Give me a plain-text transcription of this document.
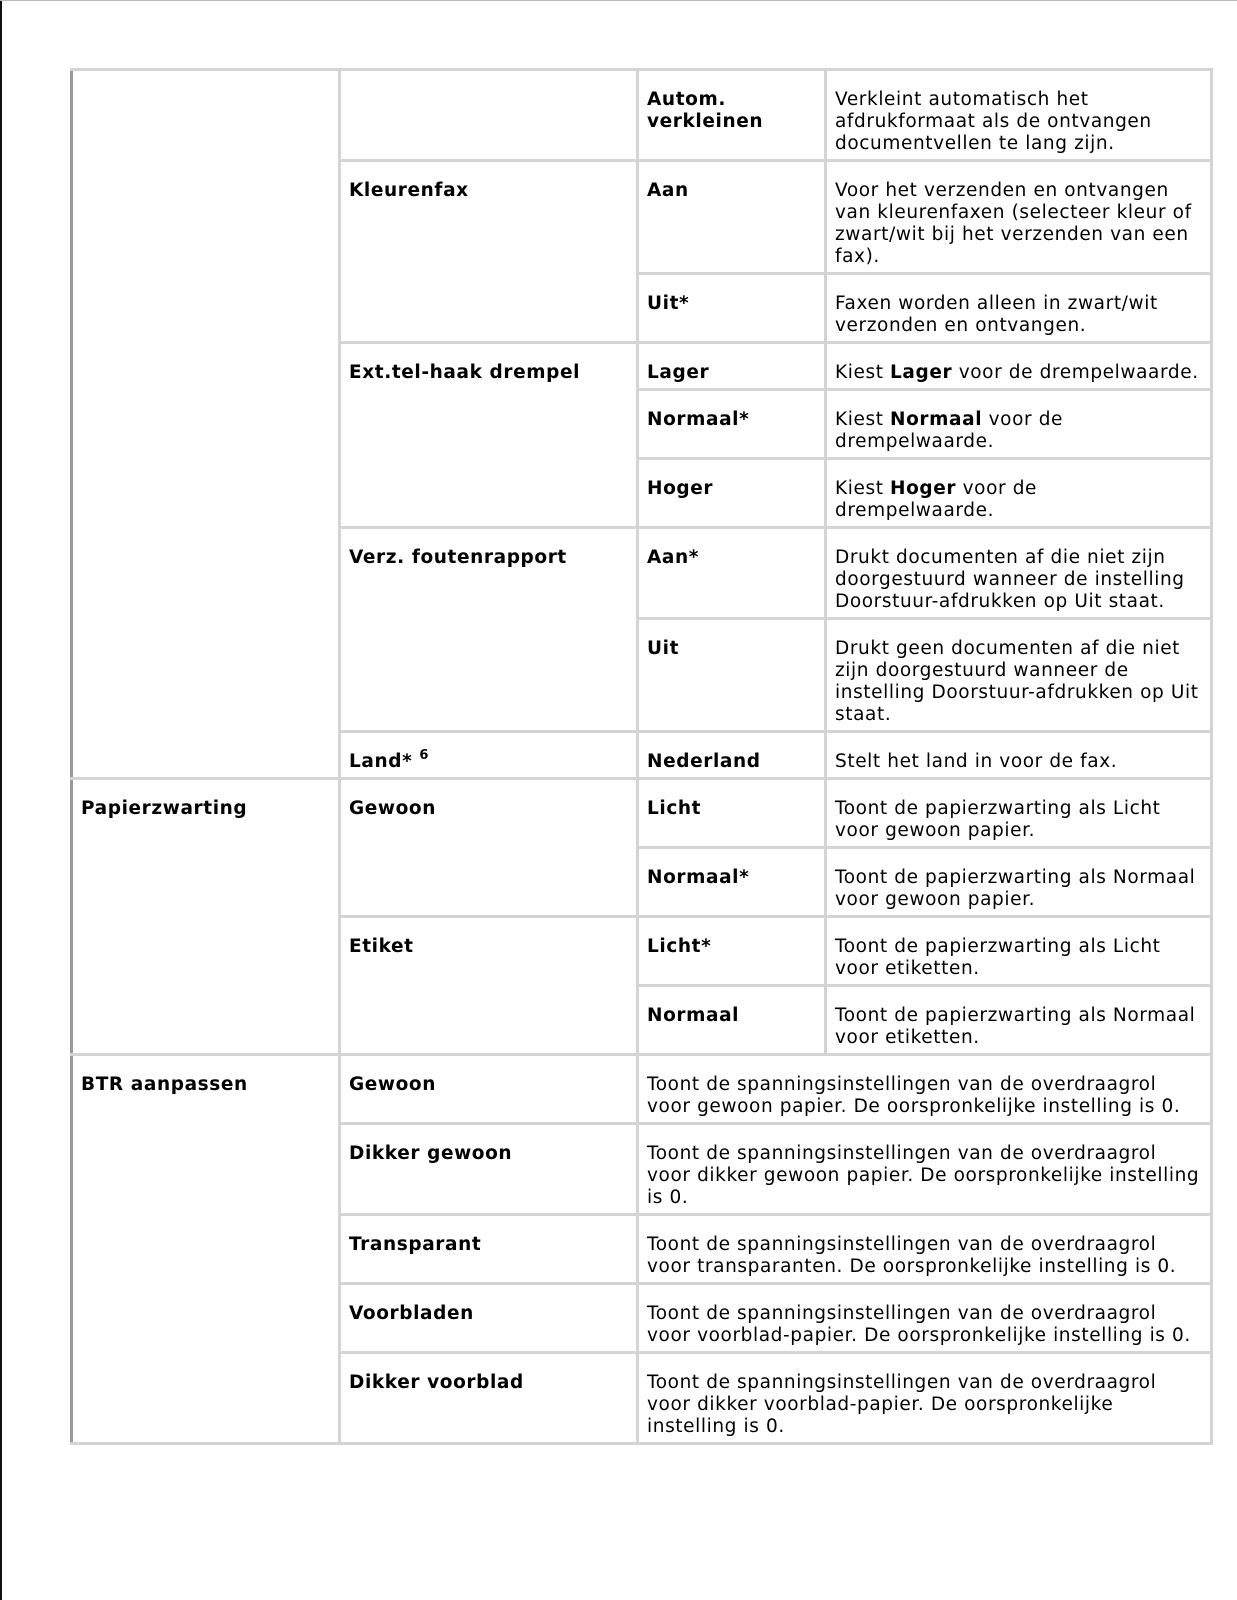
		Autom. verkleinen	Verkleint automatisch het afdrukformaat als de ontvangen documentvellen te lang zijn.
	Kleurenfax	Aan	Voor het verzenden en ontvangen van kleurenfaxen (selecteer kleur of zwart/wit bij het verzenden van een fax).
		Uit*	Faxen worden alleen in zwart/wit verzonden en ontvangen.
	Ext.tel-haak drempel	Lager	Kiest Lager voor de drempelwaarde.
		Normaal*	Kiest Normaal voor de drempelwaarde.
		Hoger	Kiest Hoger voor de drempelwaarde.
	Verz. foutenrapport	Aan*	Drukt documenten af die niet zijn doorgestuurd wanneer de instelling Doorstuur-afdrukken op Uit staat.
		Uit	Drukt geen documenten af die niet zijn doorgestuurd wanneer de instelling Doorstuur-afdrukken op Uit staat.
	Land* $^6$	Nederland	Stelt het land in voor de fax.
Papierzwarting	Gewoon	Licht	Toont de papierzwarting als Licht voor gewoon papier.
		Normaal*	Toont de papierzwarting als Normaal voor gewoon papier.
	Etiket	Licht*	Toont de papierzwarting als Licht voor etiketten.
		Normaal	Toont de papierzwarting als Normaal voor etiketten.
BTR aanpassen	Gewoon	Toont de spanningsinstellingen van de overdraagrol voor gewoon papier. De oorspronkelijke instelling is 0.	
	Dikker gewoon	Toont de spanningsinstellingen van de overdraagrol voor dikker gewoon papier. De oorspronkelijke instelling is 0.	
	Transparant	Toont de spanningsinstellingen van de overdraagrol voor transparanten. De oorspronkelijke instelling is 0.	
	Voorbladen	Toont de spanningsinstellingen van de overdraagrol voor voorblad-papier. De oorspronkelijke instelling is 0.	
	Dikker voorblad	Toont de spanningsinstellingen van de overdraagrol voor dikker voorblad-papier. De oorspronkelijke instelling is 0.	
